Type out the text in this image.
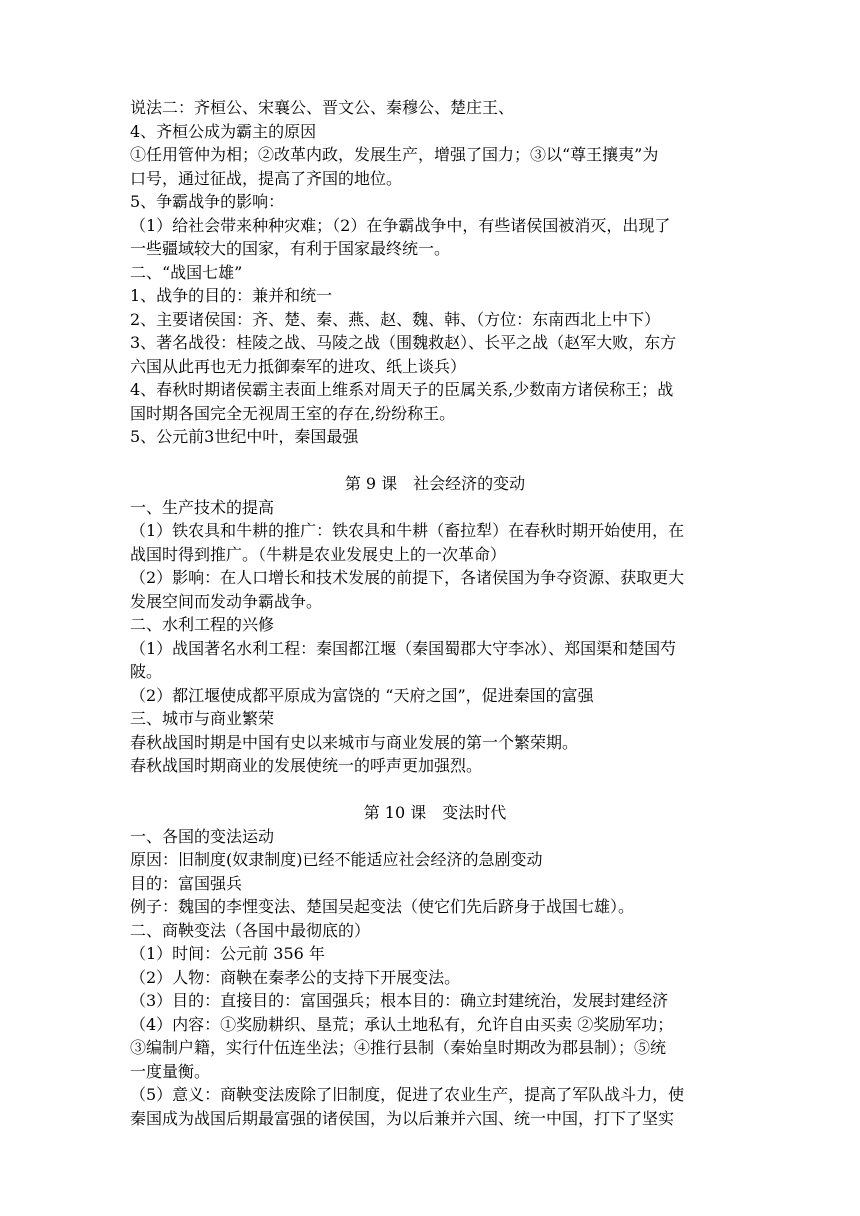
说法二：齐桓公、宋襄公、晋文公、秦穆公、楚庄王、
4、齐桓公成为霸主的原因
①任用管仲为相；②改革内政，发展生产，增强了国力；③以“尊王攘夷”为
口号，通过征战，提高了齐国的地位。
5、争霸战争的影响：
（1）给社会带来种种灾难；（2）在争霸战争中，有些诸侯国被消灭，出现了
一些疆域较大的国家，有利于国家最终统一。
二、“战国七雄”
1、战争的目的：兼并和统一
2、主要诸侯国：齐、楚、秦、燕、赵、魏、韩、（方位：东南西北上中下）
3、著名战役：桂陵之战、马陵之战（围魏救赵）、长平之战（赵军大败，东方
六国从此再也无力抵御秦军的进攻、纸上谈兵）
4、春秋时期诸侯霸主表面上维系对周天子的臣属关系,少数南方诸侯称王；战
国时期各国完全无视周王室的存在,纷纷称王。
5、公元前3世纪中叶，秦国最强
第 9 课　社会经济的变动
一、生产技术的提高
（1）铁农具和牛耕的推广：铁农具和牛耕（畜拉犁）在春秋时期开始使用，在
战国时得到推广。（牛耕是农业发展史上的一次革命）
（2）影响：在人口增长和技术发展的前提下，各诸侯国为争夺资源、获取更大
发展空间而发动争霸战争。
二、水利工程的兴修
（1）战国著名水利工程：秦国都江堰（秦国蜀郡大守李冰）、郑国渠和楚国芍
陂。
（2）都江堰使成都平原成为富饶的 “天府之国”，促进秦国的富强
三、城市与商业繁荣
春秋战国时期是中国有史以来城市与商业发展的第一个繁荣期。
春秋战国时期商业的发展使统一的呼声更加强烈。
第 10 课　变法时代
一、各国的变法运动
原因：旧制度(奴隶制度)已经不能适应社会经济的急剧变动
目的：富国强兵
例子：魏国的李悝变法、楚国吴起变法（使它们先后跻身于战国七雄）。
二、商鞅变法（各国中最彻底的）
（1）时间：公元前 356 年
（2）人物：商鞅在秦孝公的支持下开展变法。
（3）目的：直接目的：富国强兵；根本目的：确立封建统治，发展封建经济
（4）内容：①奖励耕织、垦荒；承认土地私有，允许自由买卖 ②奖励军功；
③编制户籍，实行什伍连坐法；④推行县制（秦始皇时期改为郡县制）；⑤统
一度量衡。
（5）意义：商鞅变法废除了旧制度，促进了农业生产，提高了军队战斗力，使
秦国成为战国后期最富强的诸侯国，为以后兼并六国、统一中国，打下了坚实
